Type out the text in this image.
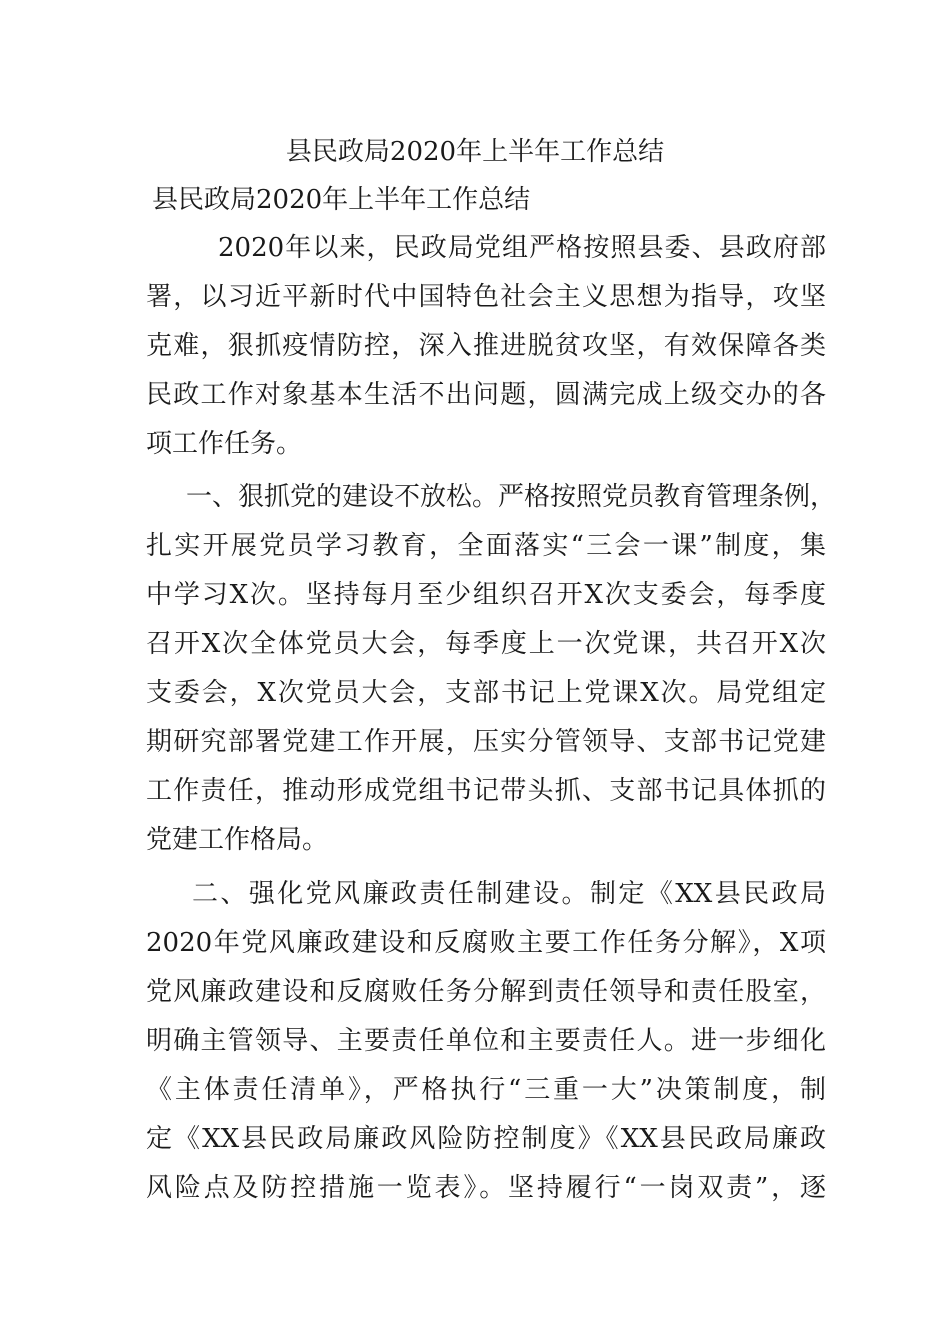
县民政局2020年上半年工作总结
县民政局2020年上半年工作总结
2020年以来，民政局党组严格按照县委、县政府部
署，以习近平新时代中国特色社会主义思想为指导，攻坚
克难，狠抓疫情防控，深入推进脱贫攻坚，有效保障各类
民政工作对象基本生活不出问题，圆满完成上级交办的各
项工作任务。
一、狠抓党的建设不放松。严格按照党员教育管理条例，
扎实开展党员学习教育，全面落实“三会一课”制度，集
中学习X次。坚持每月至少组织召开X次支委会，每季度
召开X次全体党员大会，每季度上一次党课，共召开X次
支委会，X次党员大会，支部书记上党课X次。局党组定
期研究部署党建工作开展，压实分管领导、支部书记党建
工作责任，推动形成党组书记带头抓、支部书记具体抓的
党建工作格局。
二、强化党风廉政责任制建设。制定《XX县民政局
2020年党风廉政建设和反腐败主要工作任务分解》，X项
党风廉政建设和反腐败任务分解到责任领导和责任股室，
明确主管领导、主要责任单位和主要责任人。进一步细化
《主体责任清单》，严格执行“三重一大”决策制度，制
定《XX县民政局廉政风险防控制度》《XX县民政局廉政
风险点及防控措施一览表》。坚持履行“一岗双责”，逐
